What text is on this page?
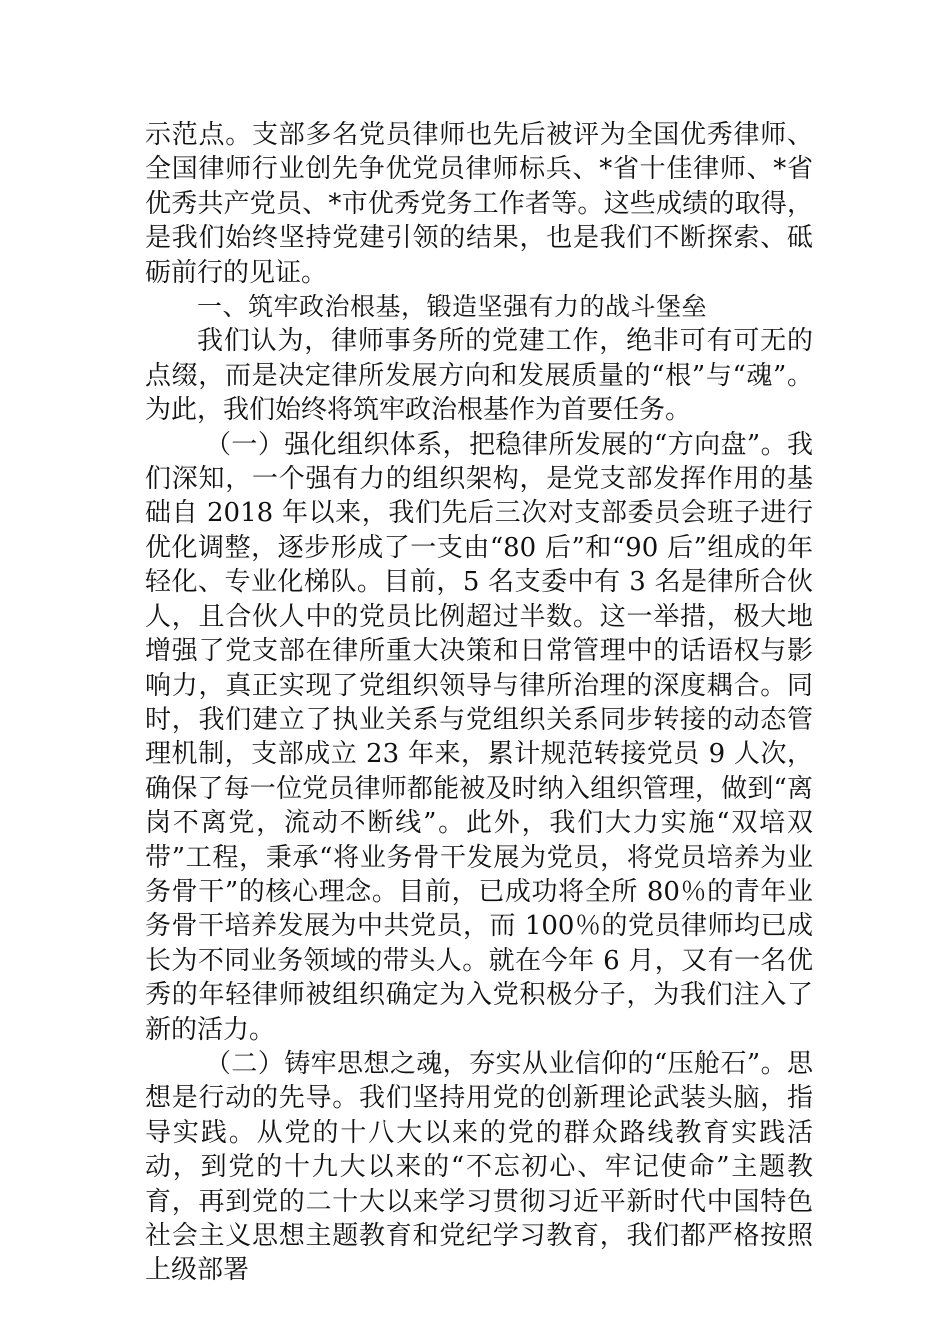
示范点。支部多名党员律师也先后被评为全国优秀律师、全国律师行业创先争优党员律师标兵、*省十佳律师、*省优秀共产党员、*市优秀党务工作者等。这些成绩的取得，是我们始终坚持党建引领的结果，也是我们不断探索、砥砺前行的见证。

一、筑牢政治根基，锻造坚强有力的战斗堡垒

我们认为，律师事务所的党建工作，绝非可有可无的点缀，而是决定律所发展方向和发展质量的“根”与“魂”。为此，我们始终将筑牢政治根基作为首要任务。

（一）强化组织体系，把稳律所发展的“方向盘”。我们深知，一个强有力的组织架构，是党支部发挥作用的基础自 2018 年以来，我们先后三次对支部委员会班子进行优化调整，逐步形成了一支由“80 后”和“90 后”组成的年轻化、专业化梯队。目前，5 名支委中有 3 名是律所合伙人，且合伙人中的党员比例超过半数。这一举措，极大地增强了党支部在律所重大决策和日常管理中的话语权与影响力，真正实现了党组织领导与律所治理的深度耦合。同时，我们建立了执业关系与党组织关系同步转接的动态管理机制，支部成立 23 年来，累计规范转接党员 9 人次，确保了每一位党员律师都能被及时纳入组织管理，做到“离岗不离党，流动不断线”。此外，我们大力实施“双培双带”工程，秉承“将业务骨干发展为党员，将党员培养为业务骨干”的核心理念。目前，已成功将全所 80％的青年业务骨干培养发展为中共党员，而 100％的党员律师均已成长为不同业务领域的带头人。就在今年 6 月，又有一名优秀的年轻律师被组织确定为入党积极分子，为我们注入了新的活力。

（二）铸牢思想之魂，夯实从业信仰的“压舱石”。思想是行动的先导。我们坚持用党的创新理论武装头脑，指导实践。从党的十八大以来的党的群众路线教育实践活动，到党的十九大以来的“不忘初心、牢记使命”主题教育，再到党的二十大以来学习贯彻习近平新时代中国特色社会主义思想主题教育和党纪学习教育，我们都严格按照上级部署
